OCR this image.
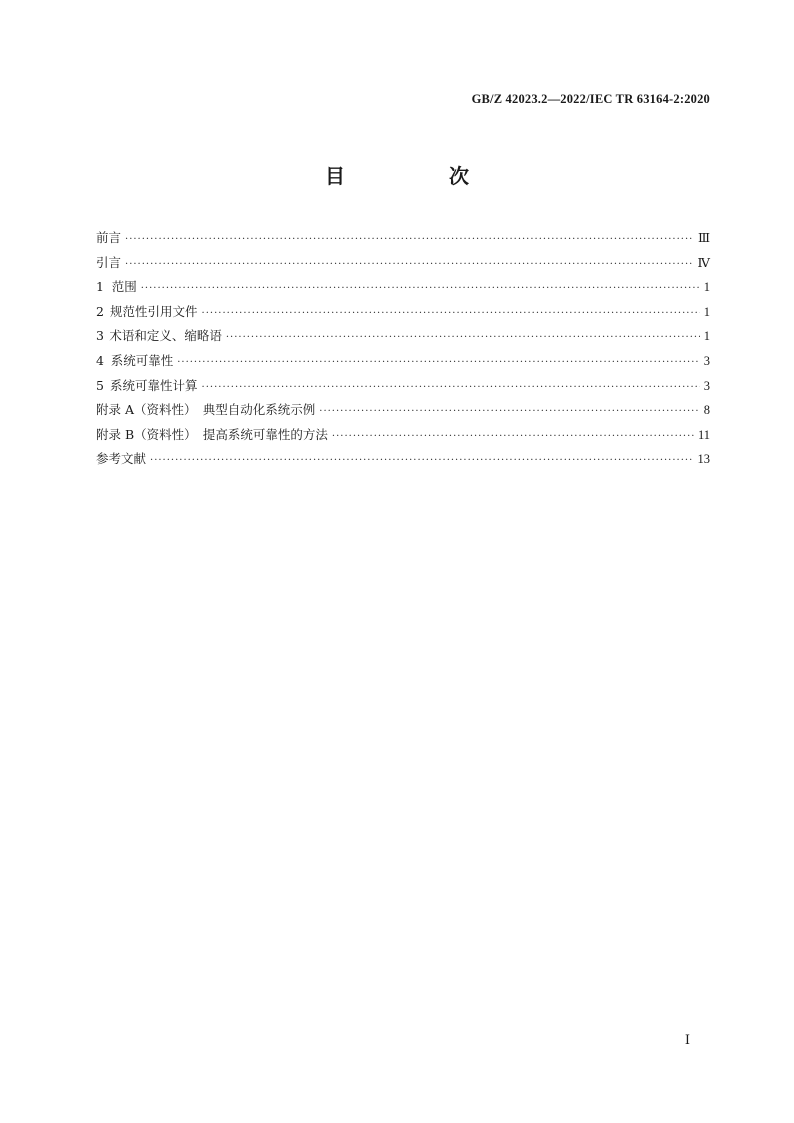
GB/Z 42023.2—2022/IEC TR 63164-2:2020
目　次
前言 ·····	Ⅲ
引言 ·····	Ⅳ
1 范围 ·····	1
2 规范性引用文件 ·····	1
3 术语和定义、缩略语 ·····	1
4 系统可靠性 ·····	3
5 系统可靠性计算 ·····	3
附录 A（资料性）　典型自动化系统示例 ·····	8
附录 B（资料性）　提高系统可靠性的方法 ·····	11
参考文献 ·····	13
Ⅰ
